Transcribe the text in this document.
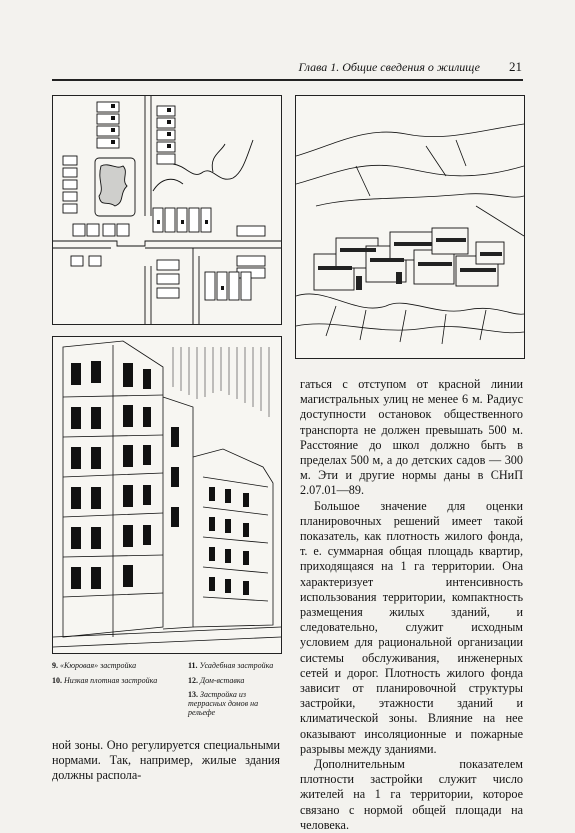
Глава 1. Общие сведения о жилище 21
9. «Кюровая» застройка
10. Низкая плотная застройка
11. Усадебная застройка
12. Дом-вставка
13. Застройка из террасных домов на рельефе

гаться с отступом от красной линии магистральных улиц не менее 6 м. Радиус доступности остановок общественного транспорта не должен превышать 500 м. Расстояние до школ должно быть в пределах 500 м, а до детских садов — 300 м. Эти и другие нормы даны в СНиП 2.07.01—89.

Большое значение для оценки планировочных решений имеет такой показатель, как плотность жилого фонда, т. е. суммарная общая площадь квартир, приходящаяся на 1 га территории. Она характеризует интенсивность использования территории, компактность размещения жилых зданий, и следовательно, служит исходным условием для рациональной организации системы обслуживания, инженерных сетей и дорог. Плотность жилого фонда зависит от планировочной структуры застройки, этажности зданий и климатической зоны. Влияние на нее оказывают инсоляционные и пожарные разрывы между зданиями.

Дополнительным показателем плотности застройки служит число жителей на 1 га территории, которое связано с нормой общей площади на человека.

ной зоны. Оно регулируется специальными нормами. Так, например, жилые здания должны распола-
